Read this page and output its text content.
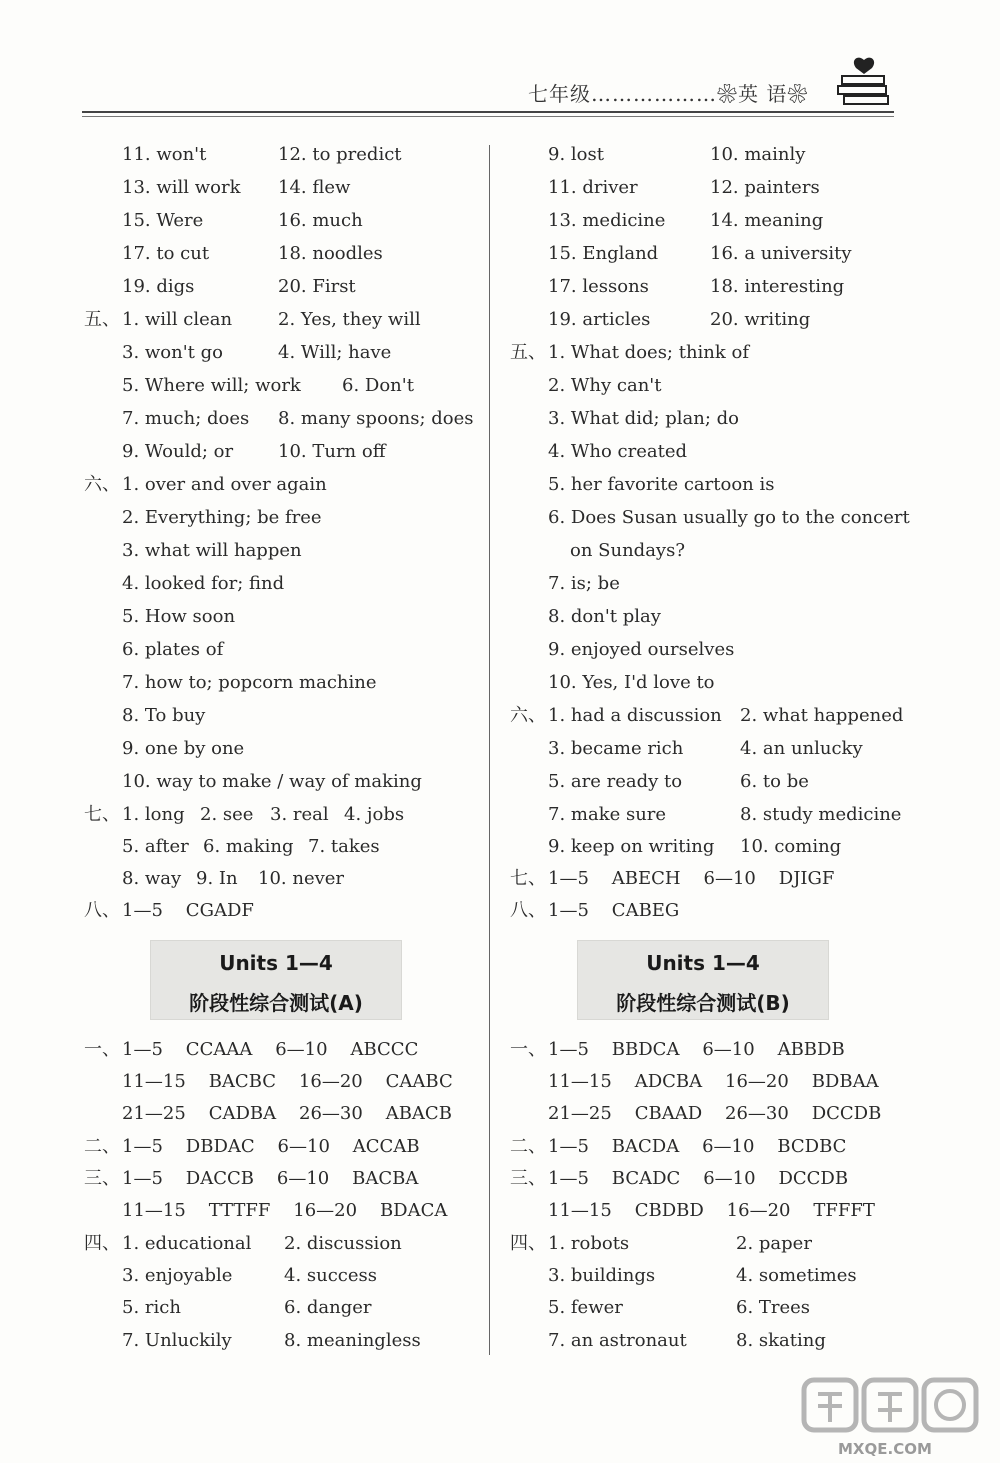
七年级………………❀英 语❀
11. won't	12. to predict
13. will work 14. flew
15. Were	16. much
17. to cut	18. noodles
19. digs	20. First
五、 1. will clean	2. Yes, they will
3. won't go	4. Will; have
5. Where will; work 6. Don't
7. much; does 8. many spoons; does
9. Would; or 10. Turn off
六、 1. over and over again
2. Everything; be free
3. what will happen
4. looked for; find
5. How soon
6. plates of
7. how to; popcorn machine
8. To buy
9. one by one
10. way to make / way of making
七、 1. long 2. see 3. real 4. jobs
5. after 6. making 7. takes
8. way 9. In 10. never
八、 1—5    CGADF
9. lost	10. mainly
11. driver	12. painters
13. medicine 14. meaning
15. England	16. a university
17. lessons	18. interesting
19. articles	20. writing
五、 1. What does; think of
2. Why can't
3. What did; plan; do
4. Who created
5. her favorite cartoon is
6. Does Susan usually go to the concert
on Sundays?
7. is; be
8. don't play
9. enjoyed ourselves
10. Yes, I'd love to
六、 1. had a discussion 2. what happened
3. became rich	4. an unlucky
5. are ready to	6. to be
7. make sure	8. study medicine
9. keep on writing 10. coming
七、 1—5    ABECH    6—10    DJIGF
八、 1—5    CABEG
Units 1—4
阶段性综合测试(A)
Units 1—4
阶段性综合测试(B)
一、 1—5    CCAAA    6—10    ABCCC
11—15    BACBC    16—20    CAABC
21—25    CADBA    26—30    ABACB
二、 1—5    DBDAC    6—10    ACCAB
三、 1—5    DACCB    6—10    BACBA
11—15    TTTFF    16—20    BDACA
四、 1. educational 2. discussion
3. enjoyable	4. success
5. rich	6. danger
7. Unluckily	8. meaningless
一、 1—5    BBDCA    6—10    ABBDB
11—15    ADCBA    16—20    BDBAA
21—25    CBAAD    26—30    DCCDB
二、 1—5    BACDA    6—10    BCDBC
三、 1—5    BCADC    6—10    DCCDB
11—15    CBDBD    16—20    TFFFT
四、 1. robots	2. paper
3. buildings	4. sometimes
5. fewer	6. Trees
7. an astronaut	8. skating
MXQE.COM
